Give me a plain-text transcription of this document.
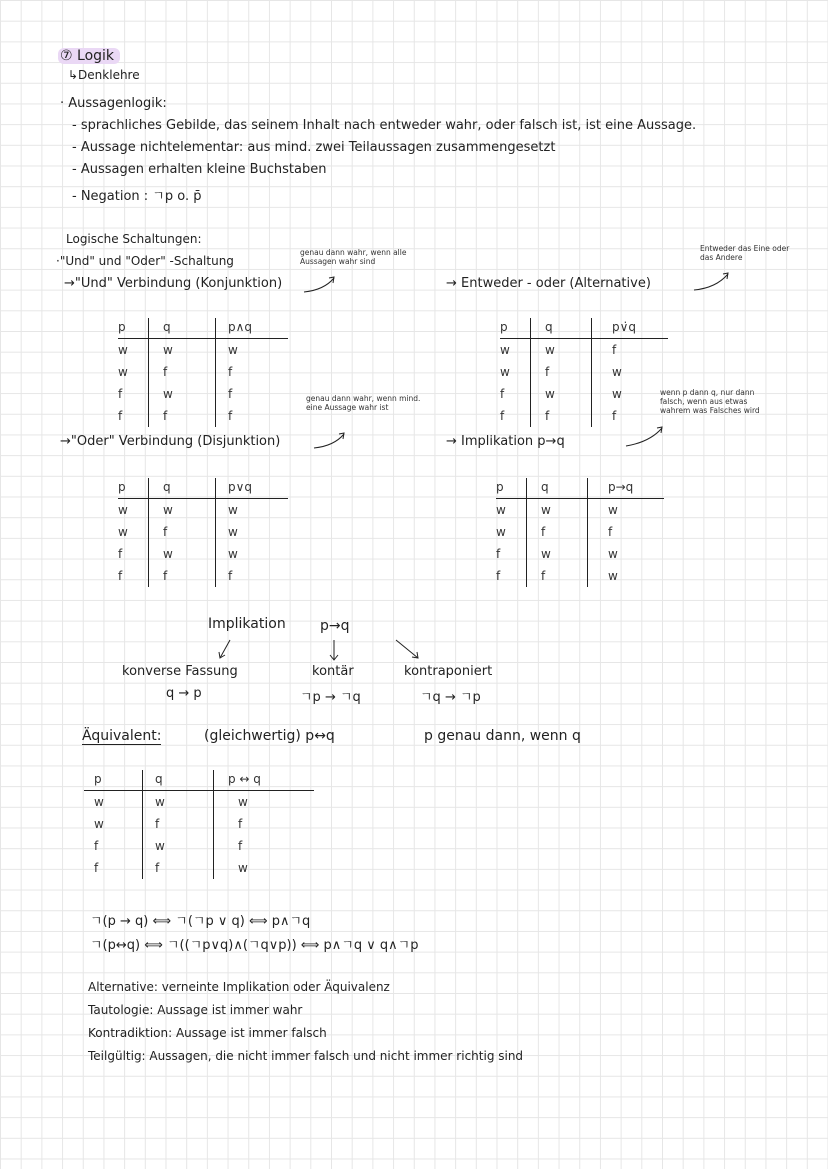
⑦ Logik
↳Denklehre
· Aussagenlogik:
- sprachliches Gebilde, das seinem Inhalt nach entweder wahr, oder falsch ist, ist eine Aussage.
- Aussage nichtelementar: aus mind. zwei Teilaussagen zusammengesetzt
- Aussagen erhalten kleine Buchstaben
- Negation : ㄱp o. p̄
Logische Schaltungen:
·"Und" und "Oder" -Schaltung
→"Und" Verbindung (Konjunktion)
genau dann wahr, wenn alle Aussagen wahr sind
p	q	p∧q
w	w	w
w	f	f
f	w	f
f	f	f
→"Oder" Verbindung (Disjunktion)
genau dann wahr, wenn mind. eine Aussage wahr ist
p	q	p∨q
w	w	w
w	f	w
f	w	w
f	f	f
→ Entweder - oder (Alternative)
Entweder das Eine oder das Andere
p	q	p∨̇q
w	w	f
w	f	w
f	w	w
f	f	f
→ Implikation p→q
wenn p dann q, nur dann falsch, wenn aus etwas wahrem was Falsches wird
p	q	p→q
w	w	w
w	f	f
f	w	w
f	f	w
Implikation p→q
konverse Fassung
q → p
kontär
ㄱp → ㄱq
kontraponiert
ㄱq → ㄱp
Äquivalent:	(gleichwertig) p↔q	p genau dann, wenn q
p	q	p ↔ q
w	w	w
w	f	f
f	w	f
f	f	w
ㄱ(p → q) ⟺ ㄱ(ㄱp ∨ q) ⟺ p∧ㄱq
ㄱ(p↔q) ⟺ ㄱ((ㄱp∨q)∧(ㄱq∨p)) ⟺ p∧ㄱq ∨ q∧ㄱp
Alternative: verneinte Implikation oder Äquivalenz
Tautologie: Aussage ist immer wahr
Kontradiktion: Aussage ist immer falsch
Teilgültig: Aussagen, die nicht immer falsch und nicht immer richtig sind
